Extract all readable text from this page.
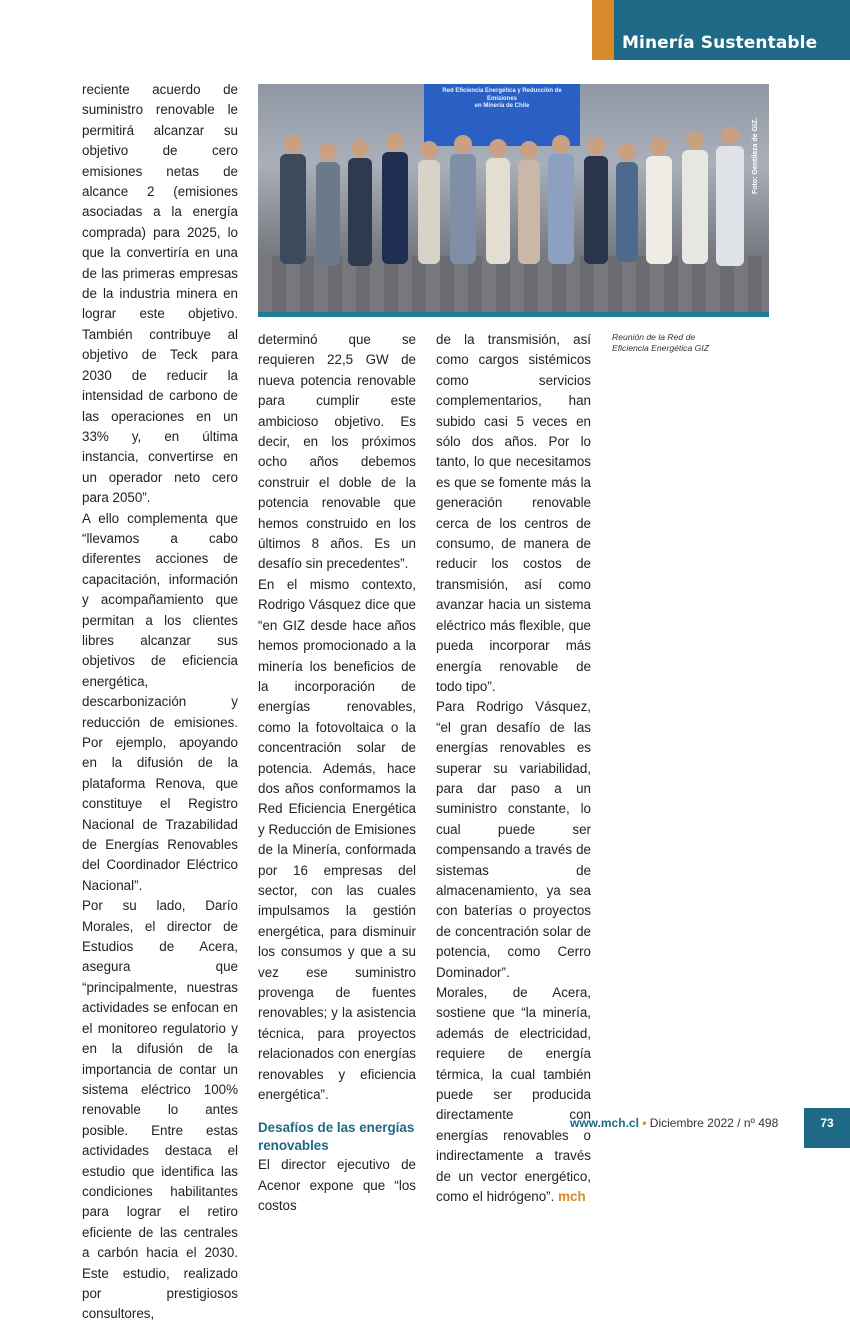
Minería Sustentable

reciente acuerdo de suministro renovable le permitirá alcanzar su objetivo de cero emisiones netas de alcance 2 (emisiones asociadas a la energía comprada) para 2025, lo que la convertiría en una de las primeras empresas de la industria minera en lograr este objetivo. También contribuye al objetivo de Teck para 2030 de reducir la intensidad de carbono de las operaciones en un 33% y, en última instancia, convertirse en un operador neto cero para 2050”.

A ello complementa que “llevamos a cabo diferentes acciones de capacitación, información y acompañamiento que permitan a los clientes libres alcanzar sus objetivos de eficiencia energética, descarbonización y reducción de emisiones. Por ejemplo, apoyando en la difusión de la plataforma Renova, que constituye el Registro Nacional de Trazabilidad de Energías Renovables del Coordinador Eléctrico Nacional”.

Por su lado, Darío Morales, el director de Estudios de Acera, asegura que “principalmente, nuestras actividades se enfocan en el monitoreo regulatorio y en la difusión de la importancia de contar un sistema eléctrico 100% renovable lo antes posible. Entre estas actividades destaca el estudio que identifica las condiciones habilitantes para lograr el retiro eficiente de las centrales a carbón hacia el 2030. Este estudio, realizado por prestigiosos consultores,

Red Eficiencia Energética y Reducción de
Emisiones
en Minería de Chile
Foto: Gentileza de GIZ.
Reunión de la Red de Eficiencia Energética GIZ

determinó que se requieren 22,5 GW de nueva potencia renovable para cumplir este ambicioso objetivo. Es decir, en los próximos ocho años debemos construir el doble de la potencia renovable que hemos construido en los últimos 8 años. Es un desafío sin precedentes”.

En el mismo contexto, Rodrigo Vásquez dice que “en GIZ desde hace años hemos promocionado a la minería los beneficios de la incorporación de energías renovables, como la fotovoltaica o la concentración solar de potencia. Además, hace dos años conformamos la Red Eficiencia Energética y Reducción de Emisiones de la Minería, conformada por 16 empresas del sector, con las cuales impulsamos la gestión energética, para disminuir los consumos y que a su vez ese suministro provenga de fuentes renovables; y la asistencia técnica, para proyectos relacionados con energías renovables y eficiencia energética”.

Desafíos de las energías renovables

El director ejecutivo de Acenor expone que “los costos

de la transmisión, así como cargos sistémicos como servicios complementarios, han subido casi 5 veces en sólo dos años. Por lo tanto, lo que necesitamos es que se fomente más la generación renovable cerca de los centros de consumo, de manera de reducir los costos de transmisión, así como avanzar hacia un sistema eléctrico más flexible, que pueda incorporar más energía renovable de todo tipo”.

Para Rodrigo Vásquez, “el gran desafío de las energías renovables es superar su variabilidad, para dar paso a un suministro constante, lo cual puede ser compensando a través de sistemas de almacenamiento, ya sea con baterías o proyectos de concentración solar de potencia, como Cerro Dominador”.

Morales, de Acera, sostiene que “la minería, además de electricidad, requiere de energía térmica, la cual también puede ser producida directamente con energías renovables o indirectamente a través de un vector energético, como el hidrógeno”. mch

www.mch.cl • Diciembre 2022 / nº 498	73
